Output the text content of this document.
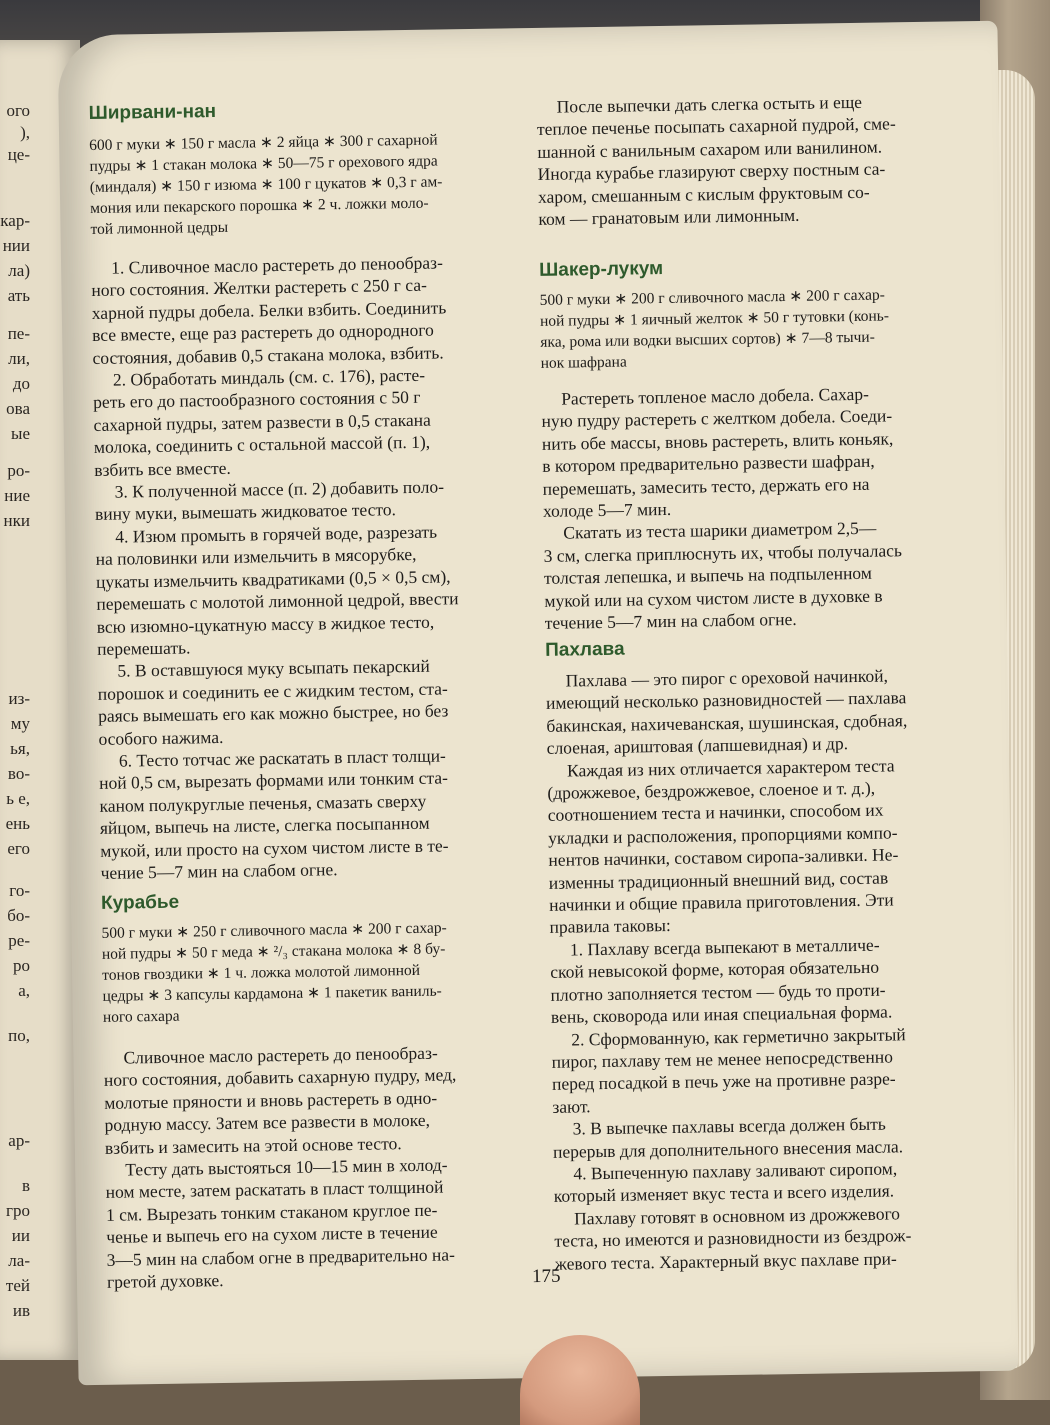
ого
),
це-
кар-
нии
ла)
ать
пе-
ли,
до
ова
ые
ро-
ние
нки
из-
му
ья,
во-
ь е,
ень
его
го-
бо-
ре-
ро
а,
по,
ар-
в
гро
ии
ла-
тей
ив
Ширвани-нан
600 г муки ∗ 150 г масла ∗ 2 яйца ∗ 300 г сахарной
пудры ∗ 1 стакан молока ∗ 50—75 г орехового ядра
(миндаля) ∗ 150 г изюма ∗ 100 г цукатов ∗ 0,3 г ам-
мония или пекарского порошка ∗ 2 ч. ложки моло-
той лимонной цедры
1. Сливочное масло растереть до пенообраз-
ного состояния. Желтки растереть с 250 г са-
харной пудры добела. Белки взбить. Соединить
все вместе, еще раз растереть до однородного
состояния, добавив 0,5 стакана молока, взбить.
2. Обработать миндаль (см. с. 176), расте-
реть его до пастообразного состояния с 50 г
сахарной пудры, затем развести в 0,5 стакана
молока, соединить с остальной массой (п. 1),
взбить все вместе.
3. К полученной массе (п. 2) добавить поло-
вину муки, вымешать жидковатое тесто.
4. Изюм промыть в горячей воде, разрезать
на половинки или измельчить в мясорубке,
цукаты измельчить квадратиками (0,5 × 0,5 см),
перемешать с молотой лимонной цедрой, ввести
всю изюмно-цукатную массу в жидкое тесто,
перемешать.
5. В оставшуюся муку всыпать пекарский
порошок и соединить ее с жидким тестом, ста-
раясь вымешать его как можно быстрее, но без
особого нажима.
6. Тесто тотчас же раскатать в пласт толщи-
ной 0,5 см, вырезать формами или тонким ста-
каном полукруглые печенья, смазать сверху
яйцом, выпечь на листе, слегка посыпанном
мукой, или просто на сухом чистом листе в те-
чение 5—7 мин на слабом огне.
Курабье
500 г муки ∗ 250 г сливочного масла ∗ 200 г сахар-
ной пудры ∗ 50 г меда ∗ ²/₃ стакана молока ∗ 8 бу-
тонов гвоздики ∗ 1 ч. ложка молотой лимонной
цедры ∗ 3 капсулы кардамона ∗ 1 пакетик ваниль-
ного сахара
Сливочное масло растереть до пенообраз-
ного состояния, добавить сахарную пудру, мед,
молотые пряности и вновь растереть в одно-
родную массу. Затем все развести в молоке,
взбить и замесить на этой основе тесто.
Тесту дать выстояться 10—15 мин в холод-
ном месте, затем раскатать в пласт толщиной
1 см. Вырезать тонким стаканом круглое пе-
ченье и выпечь его на сухом листе в течение
3—5 мин на слабом огне в предварительно на-
гретой духовке.
После выпечки дать слегка остыть и еще
теплое печенье посыпать сахарной пудрой, сме-
шанной с ванильным сахаром или ванилином.
Иногда курабье глазируют сверху постным са-
харом, смешанным с кислым фруктовым со-
ком — гранатовым или лимонным.
Шакер-лукум
500 г муки ∗ 200 г сливочного масла ∗ 200 г сахар-
ной пудры ∗ 1 яичный желток ∗ 50 г тутовки (конь-
яка, рома или водки высших сортов) ∗ 7—8 тычи-
нок шафрана
Растереть топленое масло добела. Сахар-
ную пудру растереть с желтком добела. Соеди-
нить обе массы, вновь растереть, влить коньяк,
в котором предварительно развести шафран,
перемешать, замесить тесто, держать его на
холоде 5—7 мин.
Скатать из теста шарики диаметром 2,5—
3 см, слегка приплюснуть их, чтобы получалась
толстая лепешка, и выпечь на подпыленном
мукой или на сухом чистом листе в духовке в
течение 5—7 мин на слабом огне.
Пахлава
Пахлава — это пирог с ореховой начинкой,
имеющий несколько разновидностей — пахлава
бакинская, нахичеванская, шушинская, сдобная,
слоеная, ариштовая (лапшевидная) и др.
Каждая из них отличается характером теста
(дрожжевое, бездрожжевое, слоеное и т. д.),
соотношением теста и начинки, способом их
укладки и расположения, пропорциями компо-
нентов начинки, составом сиропа-заливки. Не-
изменны традиционный внешний вид, состав
начинки и общие правила приготовления. Эти
правила таковы:
1. Пахлаву всегда выпекают в металличе-
ской невысокой форме, которая обязательно
плотно заполняется тестом — будь то проти-
вень, сковорода или иная специальная форма.
2. Сформованную, как герметично закрытый
пирог, пахлаву тем не менее непосредственно
перед посадкой в печь уже на противне разре-
зают.
3. В выпечке пахлавы всегда должен быть
перерыв для дополнительного внесения масла.
4. Выпеченную пахлаву заливают сиропом,
который изменяет вкус теста и всего изделия.
Пахлаву готовят в основном из дрожжевого
теста, но имеются и разновидности из бездрож-
жевого теста. Характерный вкус пахлаве при-
175
